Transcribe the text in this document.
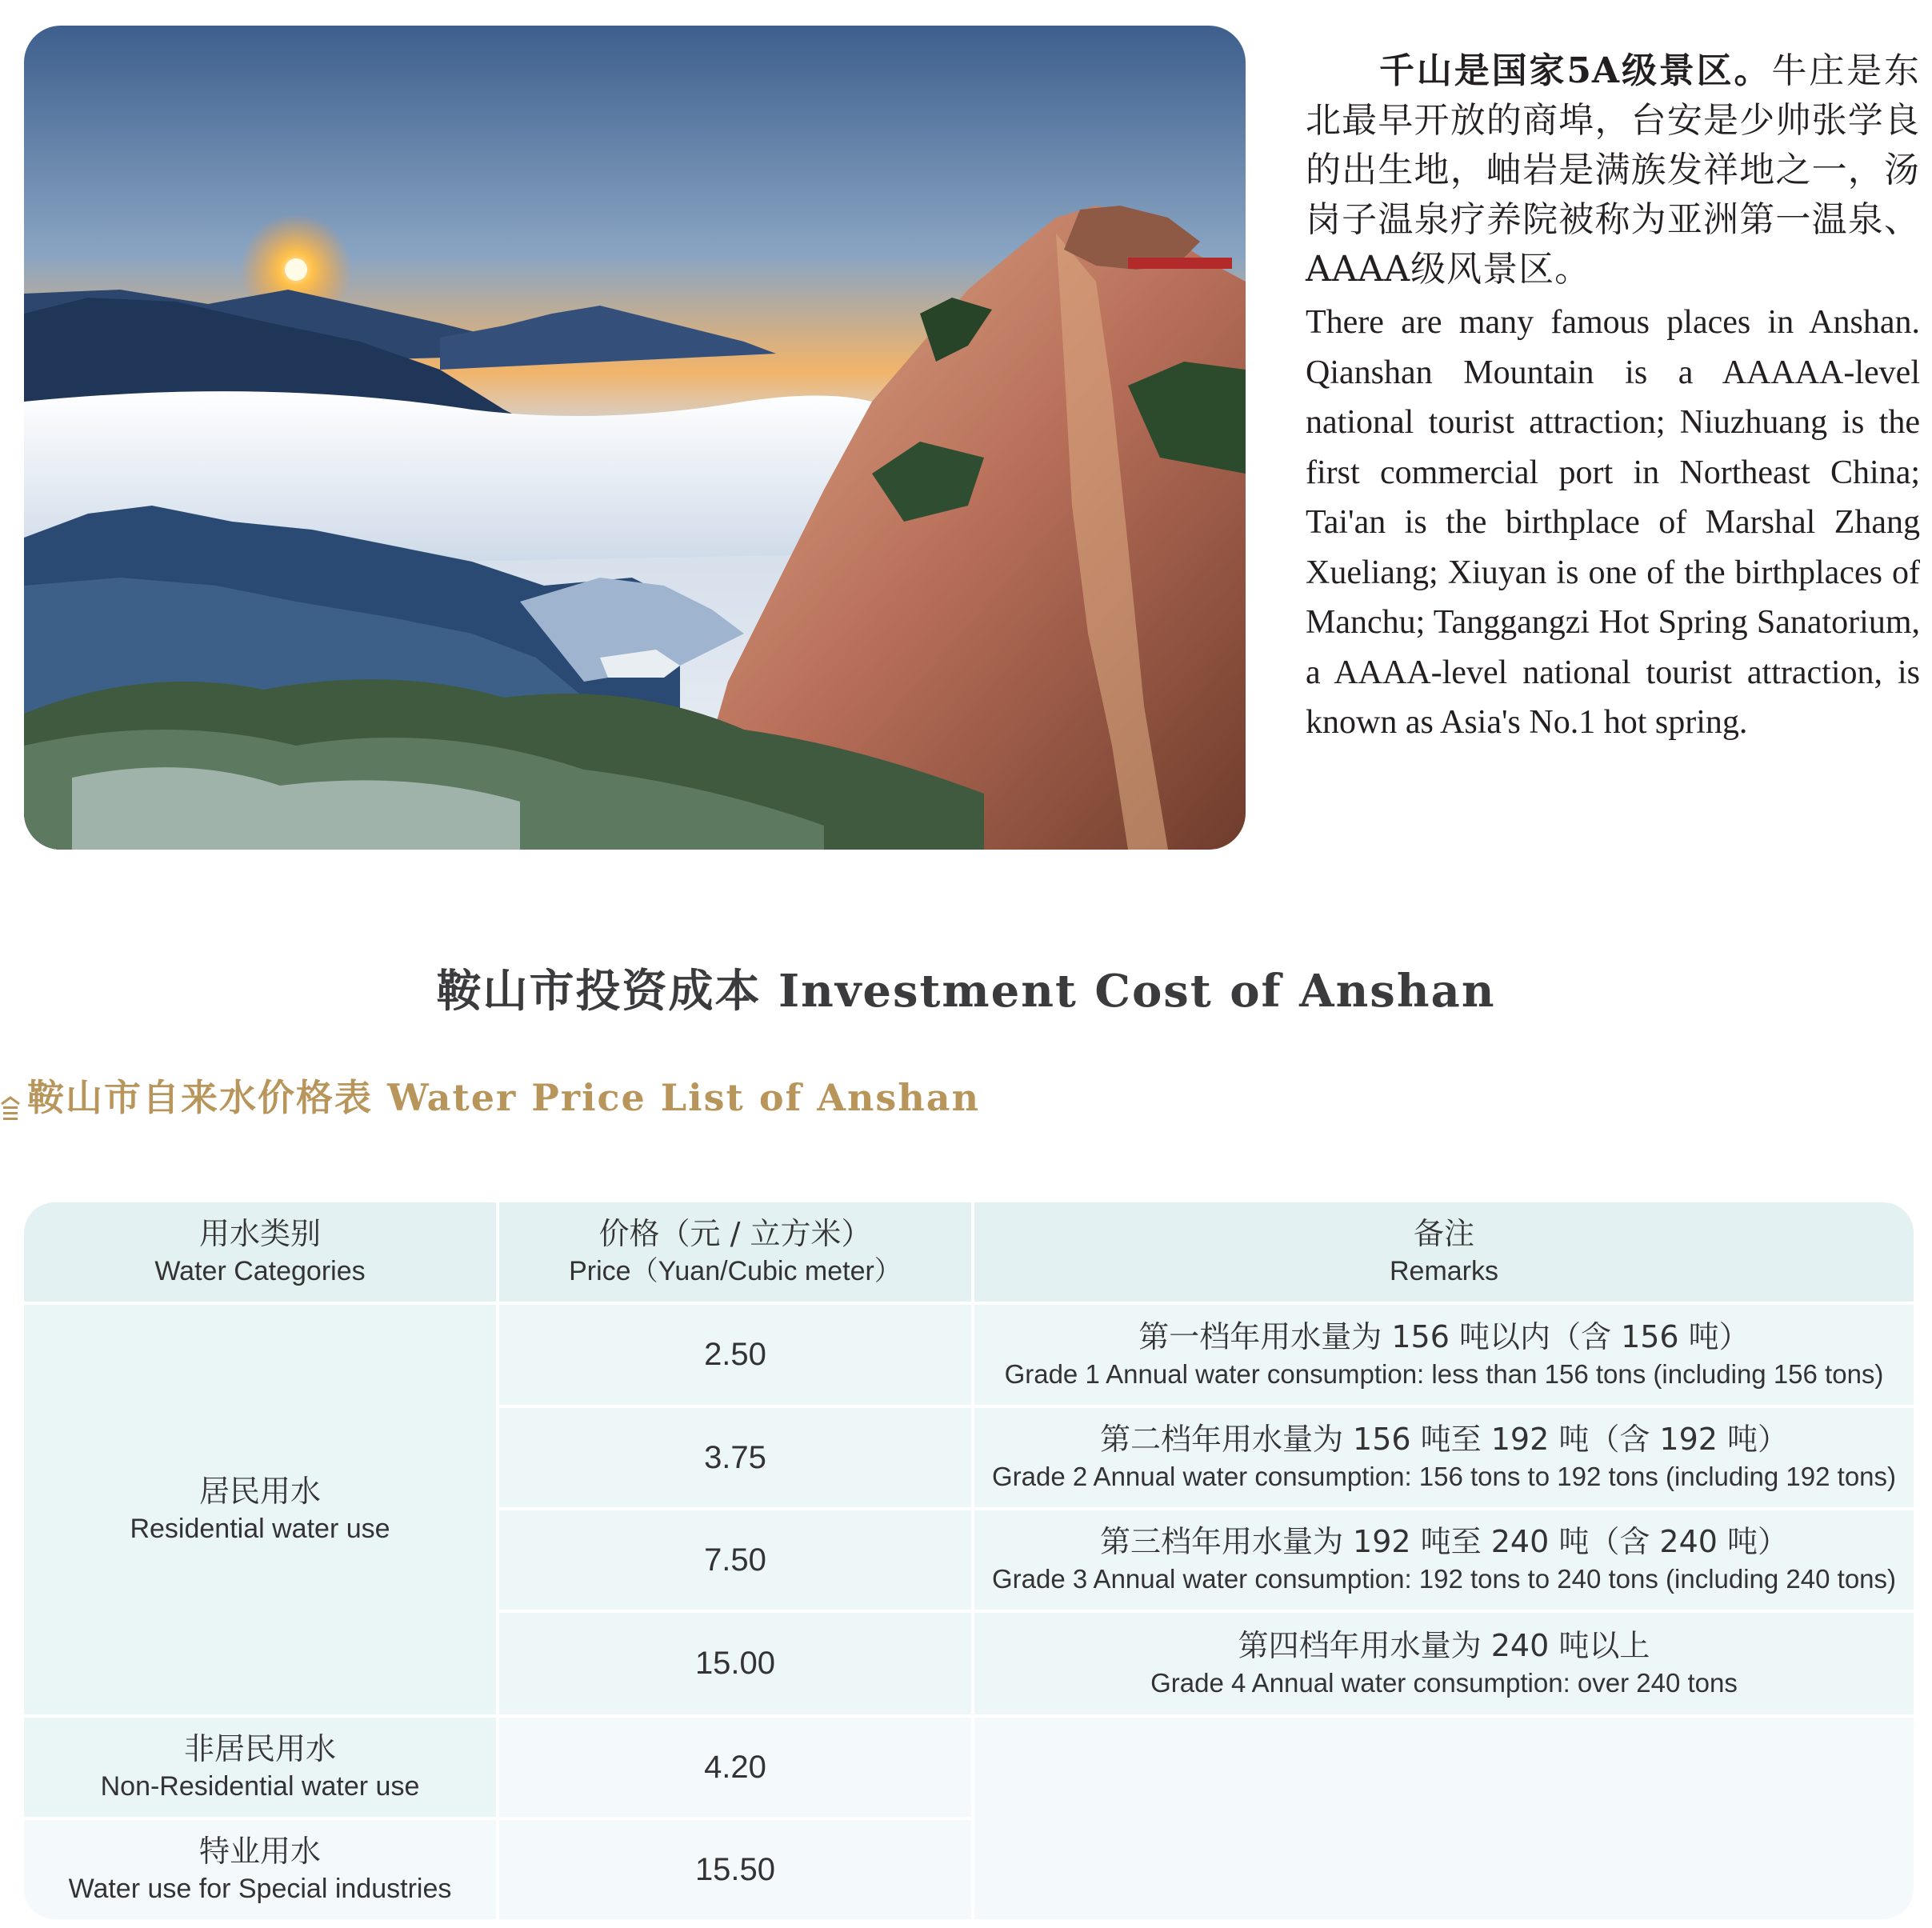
千山是国家5A级景区。牛庄是东北最早开放的商埠，台安是少帅张学良的出生地，岫岩是满族发祥地之一，汤岗子温泉疗养院被称为亚洲第一温泉、AAAA级风景区。

There are many famous places in Anshan. Qianshan Mountain is a AAAAA-level national tourist attraction; Niuzhuang is the first commercial port in Northeast China; Tai'an is the birthplace of Marshal Zhang Xueliang; Xiuyan is one of the birthplaces of Manchu; Tanggangzi Hot Spring Sanatorium, a AAAA-level national tourist attraction, is known as Asia's No.1 hot spring.

鞍山市投资成本 Investment Cost of Anshan
鞍山市自来水价格表 Water Price List of Anshan
用水类别
Water Categories
价格（元 / 立方米）
Price（Yuan/Cubic meter）
备注
Remarks
居民用水
Residential water use
2.50
3.75
7.50
15.00
第一档年用水量为 156 吨以内（含 156 吨）
Grade 1 Annual water consumption: less than 156 tons (including 156 tons)
第二档年用水量为 156 吨至 192 吨（含 192 吨）
Grade 2 Annual water consumption: 156 tons to 192 tons (including 192 tons)
第三档年用水量为 192 吨至 240 吨（含 240 吨）
Grade 3 Annual water consumption: 192 tons to 240 tons (including 240 tons)
第四档年用水量为 240 吨以上
Grade 4 Annual water consumption: over 240 tons
非居民用水
Non-Residential water use
4.20
特业用水
Water use for Special industries
15.50
